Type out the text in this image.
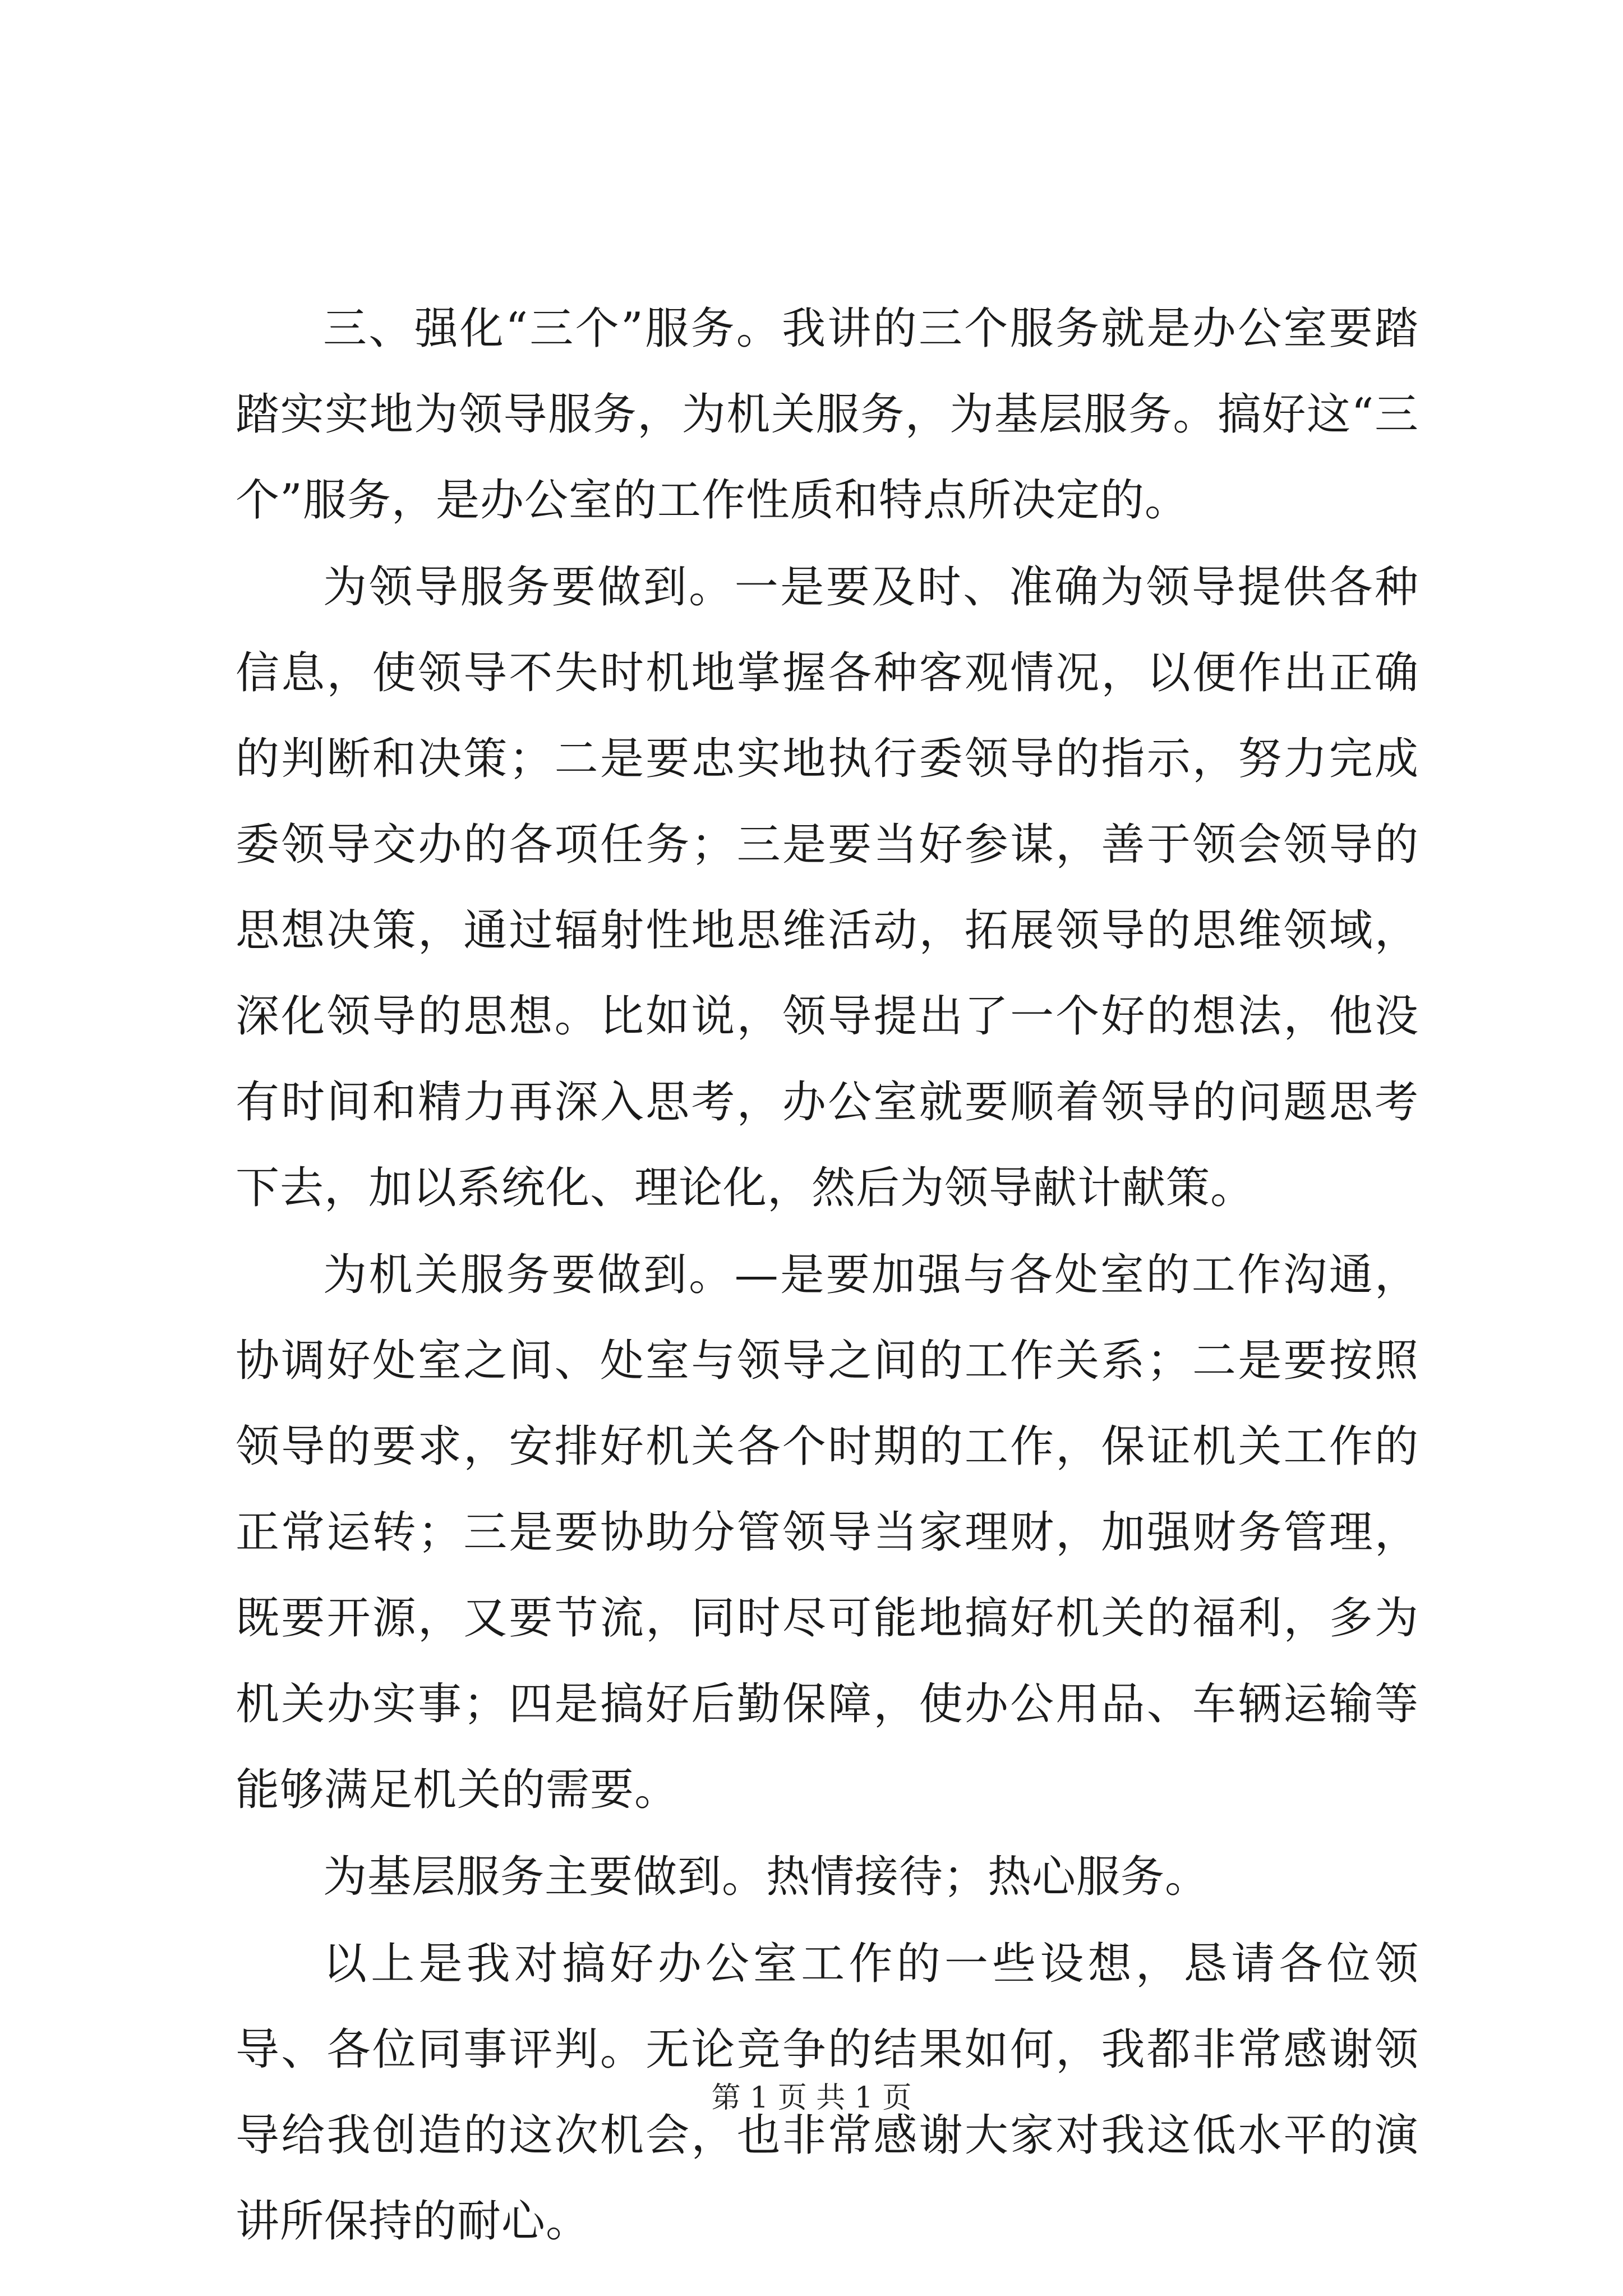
三、强化“三个”服务。我讲的三个服务就是办公室要踏踏实实地为领导服务，为机关服务，为基层服务。搞好这“三个”服务，是办公室的工作性质和特点所决定的。

为领导服务要做到。一是要及时、准确为领导提供各种信息，使领导不失时机地掌握各种客观情况，以便作出正确的判断和决策；二是要忠实地执行委领导的指示，努力完成委领导交办的各项任务；三是要当好参谋，善于领会领导的思想决策，通过辐射性地思维活动，拓展领导的思维领域，深化领导的思想。比如说，领导提出了一个好的想法，他没有时间和精力再深入思考，办公室就要顺着领导的问题思考下去，加以系统化、理论化，然后为领导献计献策。

为机关服务要做到。—是要加强与各处室的工作沟通，协调好处室之间、处室与领导之间的工作关系；二是要按照领导的要求，安排好机关各个时期的工作，保证机关工作的正常运转；三是要协助分管领导当家理财，加强财务管理，既要开源，又要节流，同时尽可能地搞好机关的福利，多为机关办实事；四是搞好后勤保障，使办公用品、车辆运输等能够满足机关的需要。

为基层服务主要做到。热情接待；热心服务。

以上是我对搞好办公室工作的一些设想，恳请各位领导、各位同事评判。无论竞争的结果如何，我都非常感谢领导给我创造的这次机会，也非常感谢大家对我这低水平的演讲所保持的耐心。

第 1 页 共 1 页
